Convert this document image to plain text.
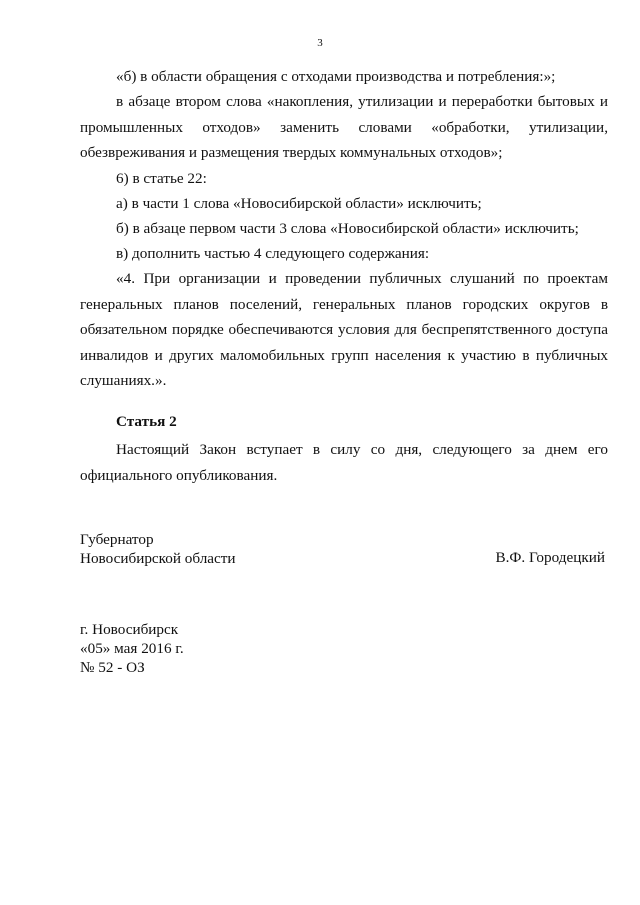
3

«б) в области обращения с отходами производства и потребления:»;

в абзаце втором слова «накопления, утилизации и переработки бытовых и промышленных отходов» заменить словами «обработки, утилизации, обезвреживания и размещения твердых коммунальных отходов»;

6) в статье 22:

а) в части 1 слова «Новосибирской области» исключить;

б) в абзаце первом части 3 слова «Новосибирской области» исключить;

в) дополнить частью 4 следующего содержания:

«4. При организации и проведении публичных слушаний по проектам генеральных планов поселений, генеральных планов городских округов в обязательном порядке обеспечиваются условия для беспрепятственного доступа инвалидов и других маломобильных групп населения к участию в публичных слушаниях.».

Статья 2

Настоящий Закон вступает в силу со дня, следующего за днем его официального опубликования.

Губернатор

Новосибирской области	В.Ф. Городецкий

г. Новосибирск

«05» мая 2016 г.

№ 52 - ОЗ
